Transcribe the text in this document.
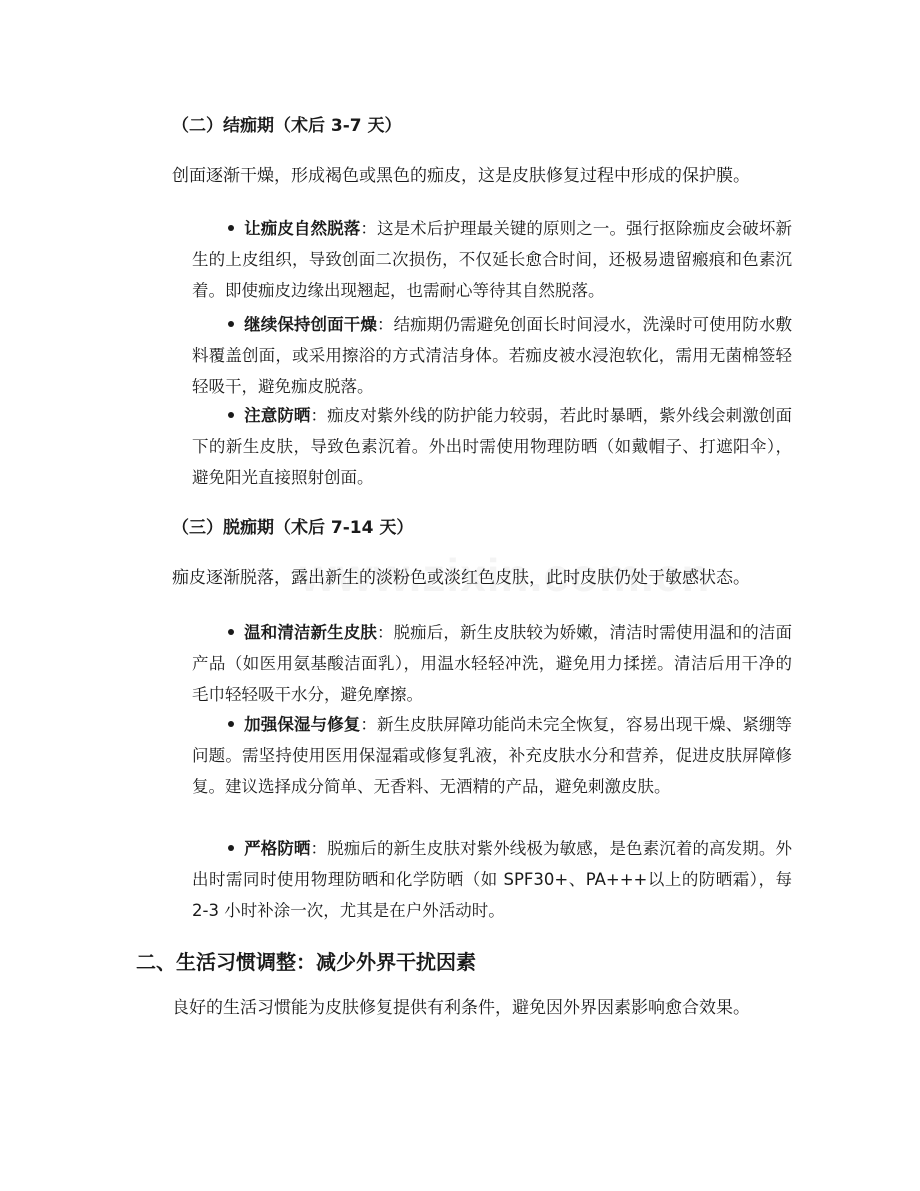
（二）结痂期（术后 3-7 天）
创面逐渐干燥，形成褐色或黑色的痂皮，这是皮肤修复过程中形成的保护膜。
让痂皮自然脱落：这是术后护理最关键的原则之一。强行抠除痂皮会破坏新生的上皮组织，导致创面二次损伤，不仅延长愈合时间，还极易遗留瘢痕和色素沉着。即使痂皮边缘出现翘起，也需耐心等待其自然脱落。
继续保持创面干燥：结痂期仍需避免创面长时间浸水，洗澡时可使用防水敷料覆盖创面，或采用擦浴的方式清洁身体。若痂皮被水浸泡软化，需用无菌棉签轻轻吸干，避免痂皮脱落。
注意防晒：痂皮对紫外线的防护能力较弱，若此时暴晒，紫外线会刺激创面下的新生皮肤，导致色素沉着。外出时需使用物理防晒（如戴帽子、打遮阳伞），避免阳光直接照射创面。
（三）脱痂期（术后 7-14 天）
痂皮逐渐脱落，露出新生的淡粉色或淡红色皮肤，此时皮肤仍处于敏感状态。
温和清洁新生皮肤：脱痂后，新生皮肤较为娇嫩，清洁时需使用温和的洁面产品（如医用氨基酸洁面乳），用温水轻轻冲洗，避免用力揉搓。清洁后用干净的毛巾轻轻吸干水分，避免摩擦。
加强保湿与修复：新生皮肤屏障功能尚未完全恢复，容易出现干燥、紧绷等问题。需坚持使用医用保湿霜或修复乳液，补充皮肤水分和营养，促进皮肤屏障修复。建议选择成分简单、无香料、无酒精的产品，避免刺激皮肤。
严格防晒：脱痂后的新生皮肤对紫外线极为敏感，是色素沉着的高发期。外出时需同时使用物理防晒和化学防晒（如 SPF30+、PA+++以上的防晒霜），每 2-3 小时补涂一次，尤其是在户外活动时。
二、生活习惯调整：减少外界干扰因素
良好的生活习惯能为皮肤修复提供有利条件，避免因外界因素影响愈合效果。
